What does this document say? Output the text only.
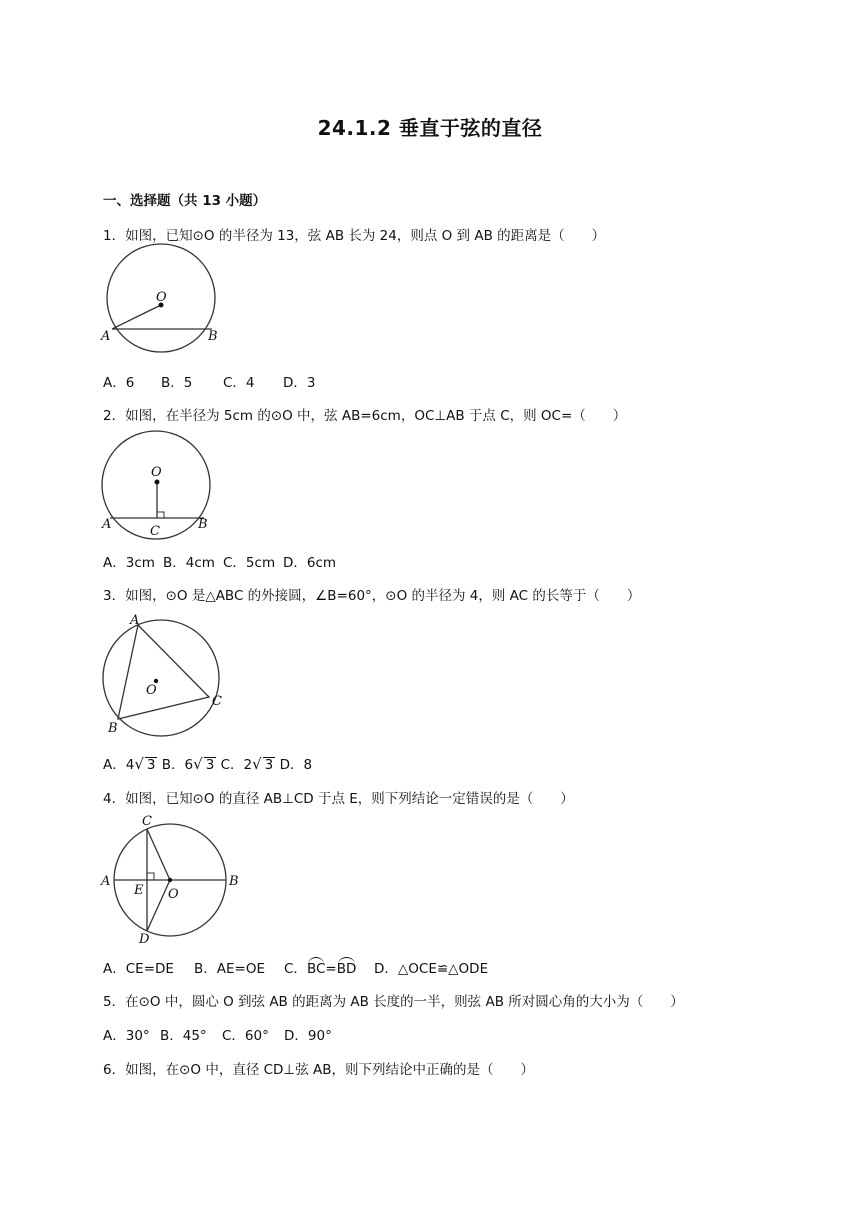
24.1.2 垂直于弦的直径
一、选择题（共 13 小题）
1．如图，已知⊙O 的半径为 13，弦 AB 长为 24，则点 O 到 AB 的距离是（　　）
O
A	B
A．6 B．5 C．4 D．3
2．如图，在半径为 5cm 的⊙O 中，弦 AB=6cm，OC⊥AB 于点 C，则 OC=（　　）
O
A	C	B
A．3cm B．4cm C．5cm D．6cm
3．如图，⊙O 是△ABC 的外接圆，∠B=60°，⊙O 的半径为 4，则 AC 的长等于（　　）
A
O
C
B
A．4√ 3 B．6√ 3 C．2√ 3 D．8
4．如图，已知⊙O 的直径 AB⊥CD 于点 E，则下列结论一定错误的是（　　）
C
A
E O
B
D
A．CE=DE B．AE=OE C．BC=BD D．△OCE≌△ODE
5．在⊙O 中，圆心 O 到弦 AB 的距离为 AB 长度的一半，则弦 AB 所对圆心角的大小为（　　）
A．30° B．45° C．60° D．90°
6．如图，在⊙O 中，直径 CD⊥弦 AB，则下列结论中正确的是（　　）
